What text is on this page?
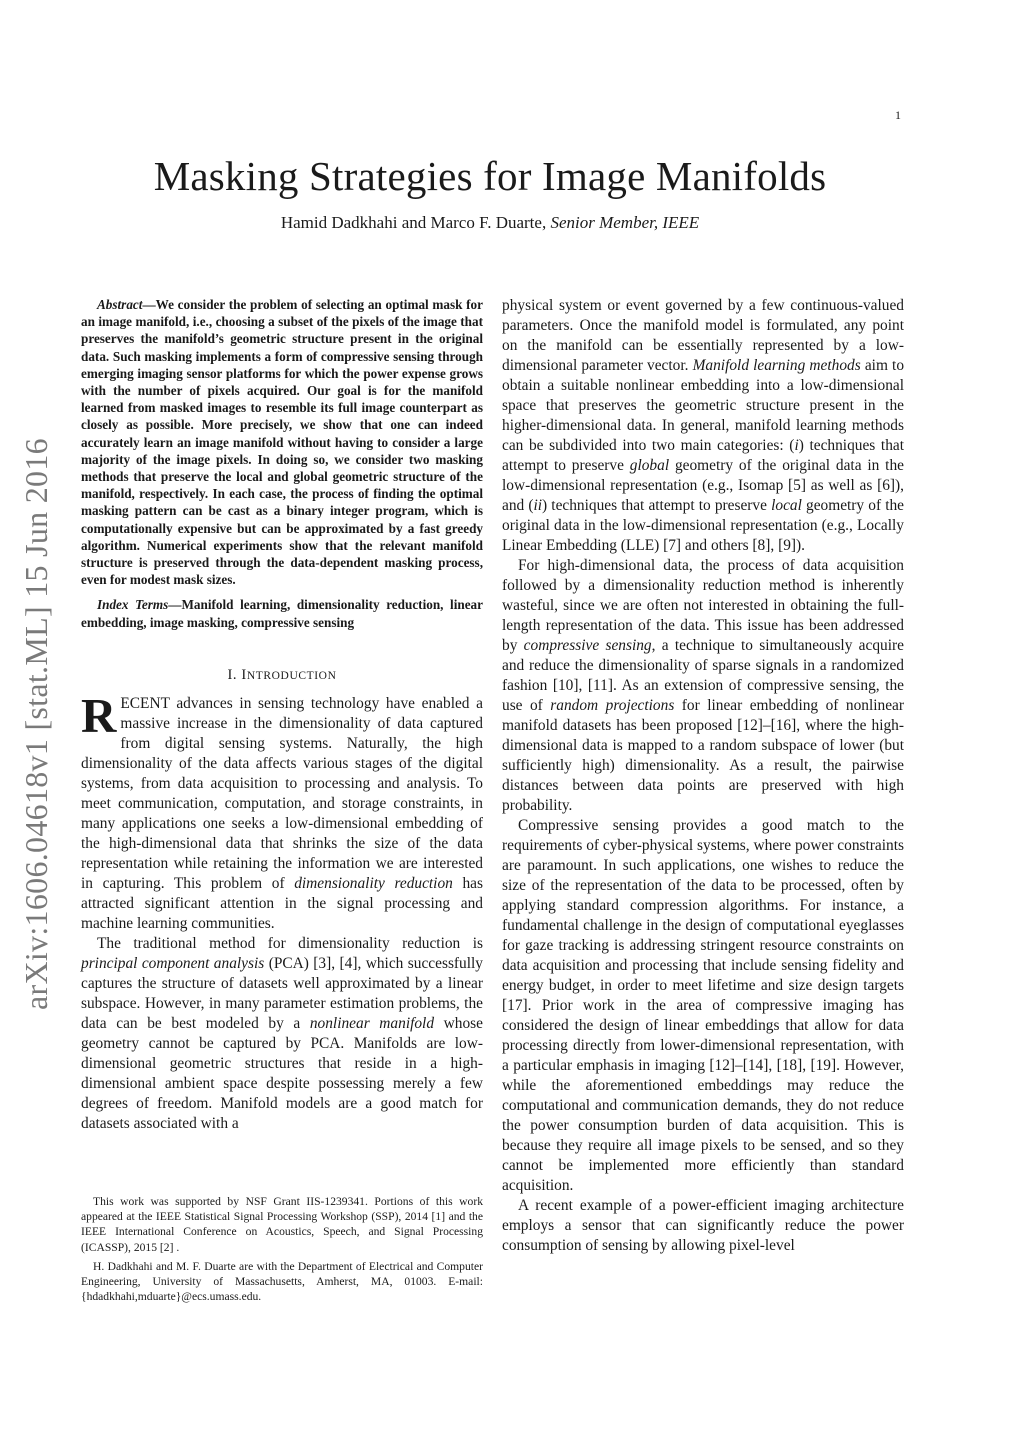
1
arXiv:1606.04618v1 [stat.ML] 15 Jun 2016
Masking Strategies for Image Manifolds
Hamid Dadkhahi and Marco F. Duarte, Senior Member, IEEE

Abstract—We consider the problem of selecting an optimal mask for an image manifold, i.e., choosing a subset of the pixels of the image that preserves the manifold’s geometric structure present in the original data. Such masking implements a form of compressive sensing through emerging imaging sensor platforms for which the power expense grows with the number of pixels acquired. Our goal is for the manifold learned from masked images to resemble its full image counterpart as closely as possible. More precisely, we show that one can indeed accurately learn an image manifold without having to consider a large majority of the image pixels. In doing so, we consider two masking methods that preserve the local and global geometric structure of the manifold, respectively. In each case, the process of finding the optimal masking pattern can be cast as a binary integer program, which is computationally expensive but can be approximated by a fast greedy algorithm. Numerical experiments show that the relevant manifold structure is preserved through the data-dependent masking process, even for modest mask sizes.

Index Terms—Manifold learning, dimensionality reduction, linear embedding, image masking, compressive sensing

I. INTRODUCTION

RECENT advances in sensing technology have enabled a massive increase in the dimensionality of data captured from digital sensing systems. Naturally, the high dimensionality of the data affects various stages of the digital systems, from data acquisition to processing and analysis. To meet communication, computation, and storage constraints, in many applications one seeks a low-dimensional embedding of the high-dimensional data that shrinks the size of the data representation while retaining the information we are interested in capturing. This problem of dimensionality reduction has attracted significant attention in the signal processing and machine learning communities.

The traditional method for dimensionality reduction is principal component analysis (PCA) [3], [4], which successfully captures the structure of datasets well approximated by a linear subspace. However, in many parameter estimation problems, the data can be best modeled by a nonlinear manifold whose geometry cannot be captured by PCA. Manifolds are low-dimensional geometric structures that reside in a high-dimensional ambient space despite possessing merely a few degrees of freedom. Manifold models are a good match for datasets associated with a

This work was supported by NSF Grant IIS-1239341. Portions of this work appeared at the IEEE Statistical Signal Processing Workshop (SSP), 2014 [1] and the IEEE International Conference on Acoustics, Speech, and Signal Processing (ICASSP), 2015 [2] .

H. Dadkhahi and M. F. Duarte are with the Department of Electrical and Computer Engineering, University of Massachusetts, Amherst, MA, 01003. E-mail: {hdadkhahi,mduarte}@ecs.umass.edu.

physical system or event governed by a few continuous-valued parameters. Once the manifold model is formulated, any point on the manifold can be essentially represented by a low-dimensional parameter vector. Manifold learning methods aim to obtain a suitable nonlinear embedding into a low-dimensional space that preserves the geometric structure present in the higher-dimensional data. In general, manifold learning methods can be subdivided into two main categories: (i) techniques that attempt to preserve global geometry of the original data in the low-dimensional representation (e.g., Isomap [5] as well as [6]), and (ii) techniques that attempt to preserve local geometry of the original data in the low-dimensional representation (e.g., Locally Linear Embedding (LLE) [7] and others [8], [9]).

For high-dimensional data, the process of data acquisition followed by a dimensionality reduction method is inherently wasteful, since we are often not interested in obtaining the full-length representation of the data. This issue has been addressed by compressive sensing, a technique to simultaneously acquire and reduce the dimensionality of sparse signals in a randomized fashion [10], [11]. As an extension of compressive sensing, the use of random projections for linear embedding of nonlinear manifold datasets has been proposed [12]–[16], where the high-dimensional data is mapped to a random subspace of lower (but sufficiently high) dimensionality. As a result, the pairwise distances between data points are preserved with high probability.

Compressive sensing provides a good match to the requirements of cyber-physical systems, where power constraints are paramount. In such applications, one wishes to reduce the size of the representation of the data to be processed, often by applying standard compression algorithms. For instance, a fundamental challenge in the design of computational eyeglasses for gaze tracking is addressing stringent resource constraints on data acquisition and processing that include sensing fidelity and energy budget, in order to meet lifetime and size design targets [17]. Prior work in the area of compressive imaging has considered the design of linear embeddings that allow for data processing directly from lower-dimensional representation, with a particular emphasis in imaging [12]–[14], [18], [19]. However, while the aforementioned embeddings may reduce the computational and communication demands, they do not reduce the power consumption burden of data acquisition. This is because they require all image pixels to be sensed, and so they cannot be implemented more efficiently than standard acquisition.

A recent example of a power-efficient imaging architecture employs a sensor that can significantly reduce the power consumption of sensing by allowing pixel-level
